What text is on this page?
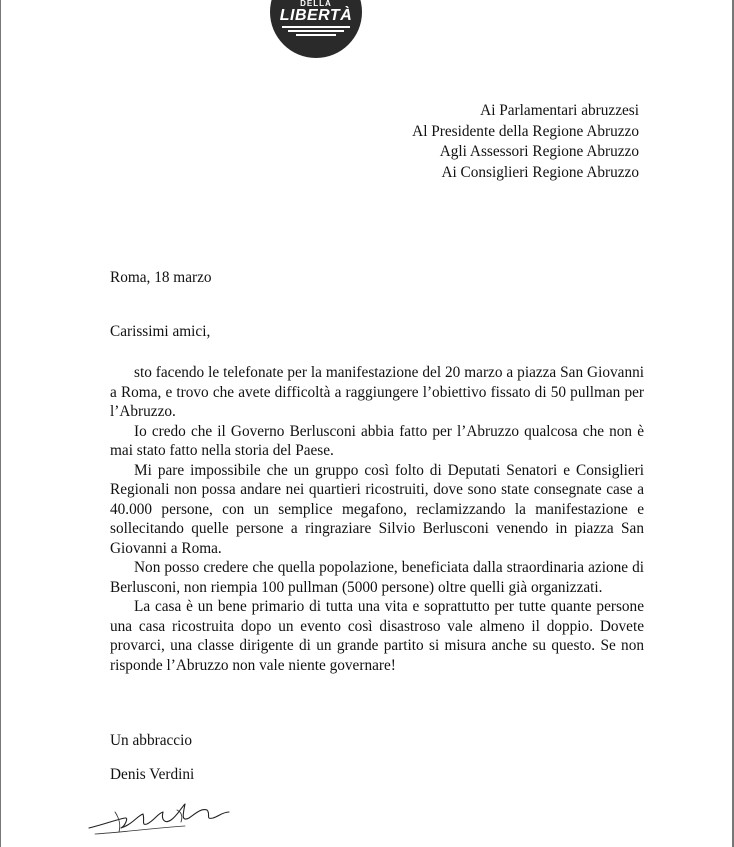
DELLA
LIBERTÀ
Ai Parlamentari abruzzesi
Al Presidente della Regione Abruzzo
Agli Assessori Regione Abruzzo
Ai Consiglieri Regione Abruzzo
Roma, 18 marzo
Carissimi amici,

sto facendo le telefonate per la manifestazione del 20 marzo a piazza San Giovanni a Roma, e trovo che avete difficoltà a raggiungere l’obiettivo fissato di 50 pullman per l’Abruzzo.

Io credo che il Governo Berlusconi abbia fatto per l’Abruzzo qualcosa che non è mai stato fatto nella storia del Paese.

Mi pare impossibile che un gruppo così folto di Deputati Senatori e Consiglieri Regionali non possa andare nei quartieri ricostruiti, dove sono state consegnate case a 40.000 persone, con un semplice megafono, reclamizzando la manifestazione e sollecitando quelle persone a ringraziare Silvio Berlusconi venendo in piazza San Giovanni a Roma.

Non posso credere che quella popolazione, beneficiata dalla straordinaria azione di Berlusconi, non riempia 100 pullman (5000 persone) oltre quelli già organizzati.

La casa è un bene primario di tutta una vita e soprattutto per tutte quante persone una casa ricostruita dopo un evento così disastroso vale almeno il doppio. Dovete provarci, una classe dirigente di un grande partito si misura anche su questo. Se non risponde l’Abruzzo non vale niente governare!

Un abbraccio
Denis Verdini
